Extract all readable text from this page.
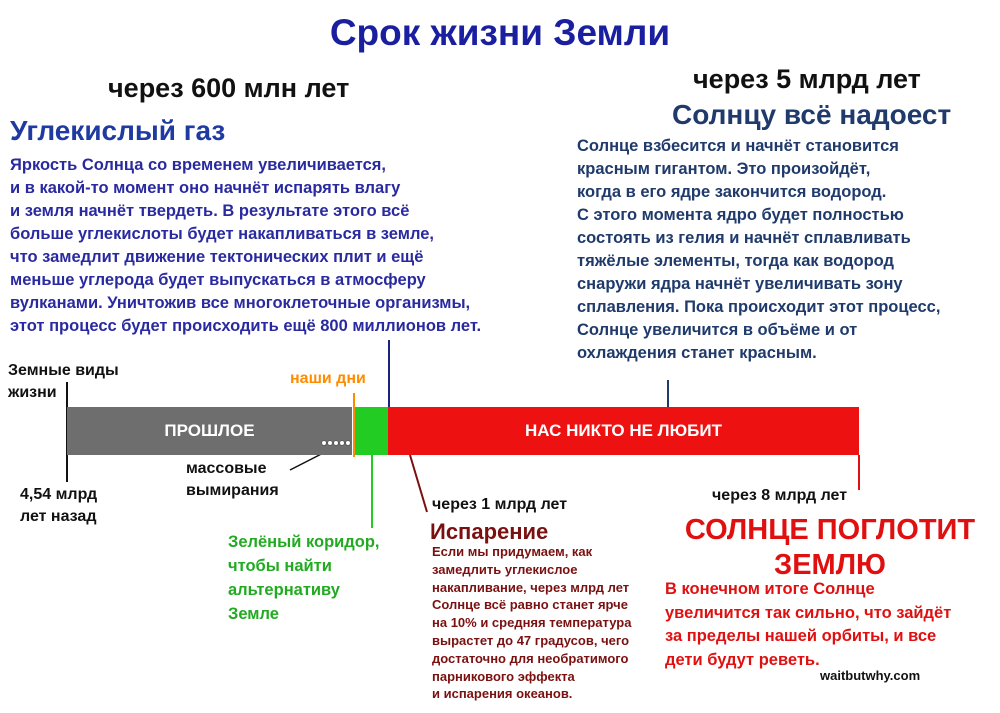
Срок жизни Земли
через 600 млн лет
Углекислый газ
Яркость Солнца со временем увеличивается,
и в какой-то момент оно начнёт испарять влагу
и земля начнёт твердеть. В результате этого всё
больше углекислоты будет накапливаться в земле,
что замедлит движение тектонических плит и ещё
меньше углерода будет выпускаться в атмосферу
вулканами. Уничтожив все многоклеточные организмы,
этот процесс будет происходить ещё 800 миллионов лет.
через 5 млрд лет
Солнцу всё надоест
Солнце взбесится и начнёт становится
красным гигантом. Это произойдёт,
когда в его ядре закончится водород.
С этого момента ядро будет полностью
состоять из гелия и начнёт сплавливать
тяжёлые элементы, тогда как водород
снаружи ядра начнёт увеличивать зону
сплавления. Пока происходит этот процесс,
Солнце увеличится в объёме и от
охлаждения станет красным.
ПРОШЛОЕ	НАС НИКТО НЕ ЛЮБИТ
Земные виды
жизни
наши дни
4,54 млрд
лет назад
массовые
вымирания
Зелёный коридор,
чтобы найти
альтернативу
Земле
через 1 млрд лет
Испарение
Если мы придумаем, как
замедлить углекислое
накапливание, через млрд лет
Солнце всё равно станет ярче
на 10% и средняя температура
вырастет до 47 градусов, чего
достаточно для необратимого
парникового эффекта
и испарения океанов.
через 8 млрд лет
СОЛНЦЕ ПОГЛОТИТ ЗЕМЛЮ
В конечном итоге Солнце
увеличится так сильно, что зайдёт
за пределы нашей орбиты, и все
дети будут реветь.
waitbutwhy.com
